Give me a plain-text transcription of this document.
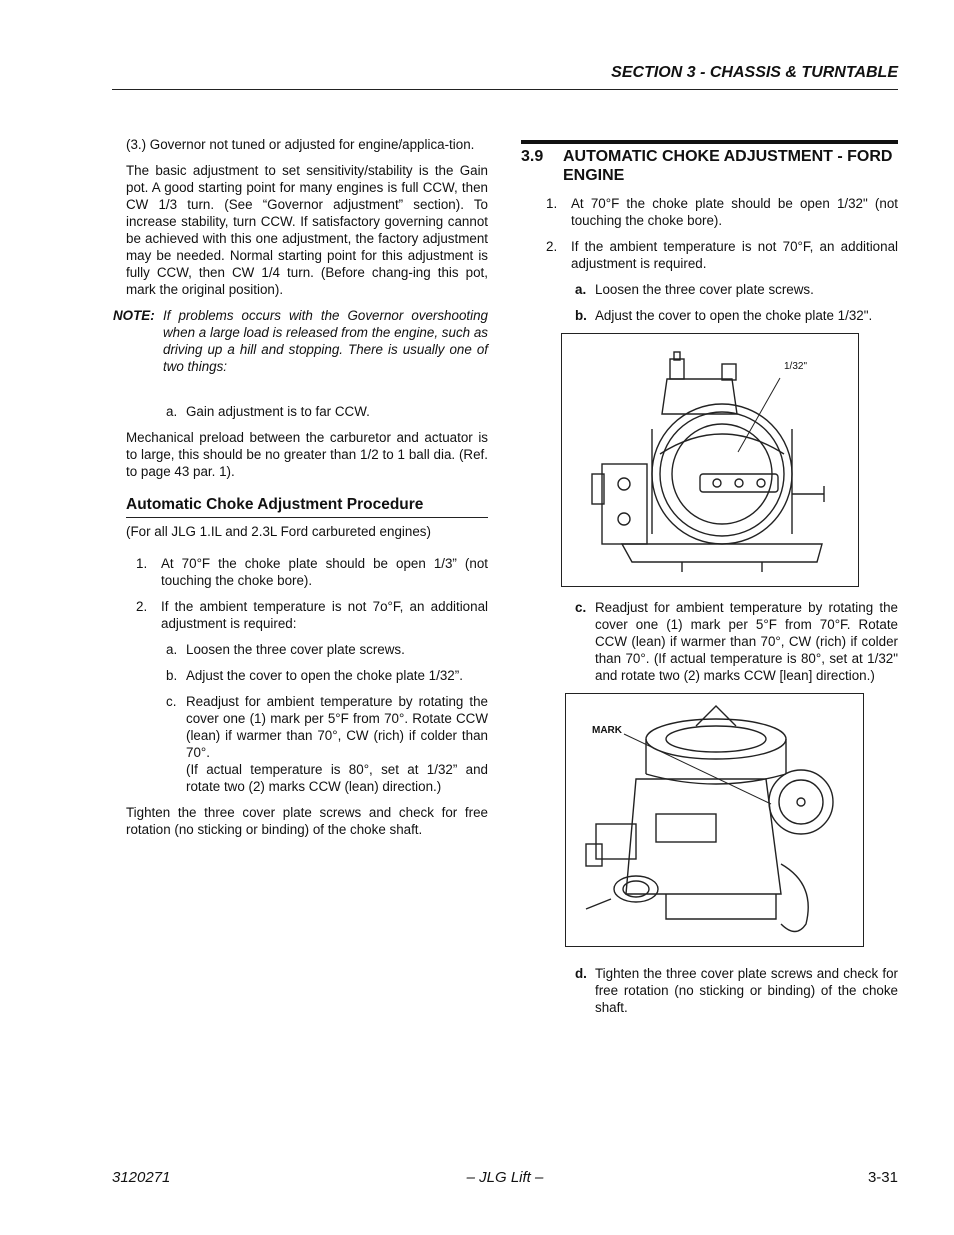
SECTION 3 - CHASSIS & TURNTABLE

(3.) Governor not tuned or adjusted for engine/applica-tion.

The basic adjustment to set sensitivity/stability is the Gain pot. A good starting point for many engines is full CCW, then CW 1/3 turn. (See “Governor adjustment” section). To increase stability, turn CCW. If satisfactory governing cannot be achieved with this one adjustment, the factory adjustment may be needed. Normal starting point for this adjustment is fully CCW, then CW 1/4 turn. (Before chang-ing this pot, mark the original position).

NOTE: If problems occurs with the Governor overshooting when a large load is released from the engine, such as driving up a hill and stopping. There is usually one of two things:
a. Gain adjustment is to far CCW.

Mechanical preload between the carburetor and actuator is to large, this should be no greater than 1/2 to 1 ball dia. (Ref. to page 43 par. 1).

Automatic Choke Adjustment Procedure

(For all JLG 1.IL and 2.3L Ford carbureted engines)

1. At 70°F the choke plate should be open 1/3” (not touching the choke bore).
2. If the ambient temperature is not 7o°F, an additional adjustment is required:
a. Loosen the three cover plate screws.
b. Adjust the cover to open the choke plate 1/32”.
c. Readjust for ambient temperature by rotating the cover one (1) mark per 5°F from 70°. Rotate CCW (lean) if warmer than 70°, CW (rich) if colder than 70°.
(If actual temperature is 80°, set at 1/32” and rotate two (2) marks CCW (lean) direction.)

Tighten the three cover plate screws and check for free rotation (no sticking or binding) of the choke shaft.

3.9 AUTOMATIC CHOKE ADJUSTMENT - FORD ENGINE
1. At 70°F the choke plate should be open 1/32" (not touching the choke bore).
2. If the ambient temperature is not 70°F, an additional adjustment is required.
a. Loosen the three cover plate screws.
b. Adjust the cover to open the choke plate 1/32".
1/32"
c. Readjust for ambient temperature by rotating the cover one (1) mark per 5°F from 70°F. Rotate CCW (lean) if warmer than 70°, CW (rich) if colder than 70°. (If actual temperature is 80°, set at 1/32" and rotate two (2) marks CCW [lean] direction.)
MARK
d. Tighten the three cover plate screws and check for free rotation (no sticking or binding) of the choke shaft.
3120271	– JLG Lift –	3-31
